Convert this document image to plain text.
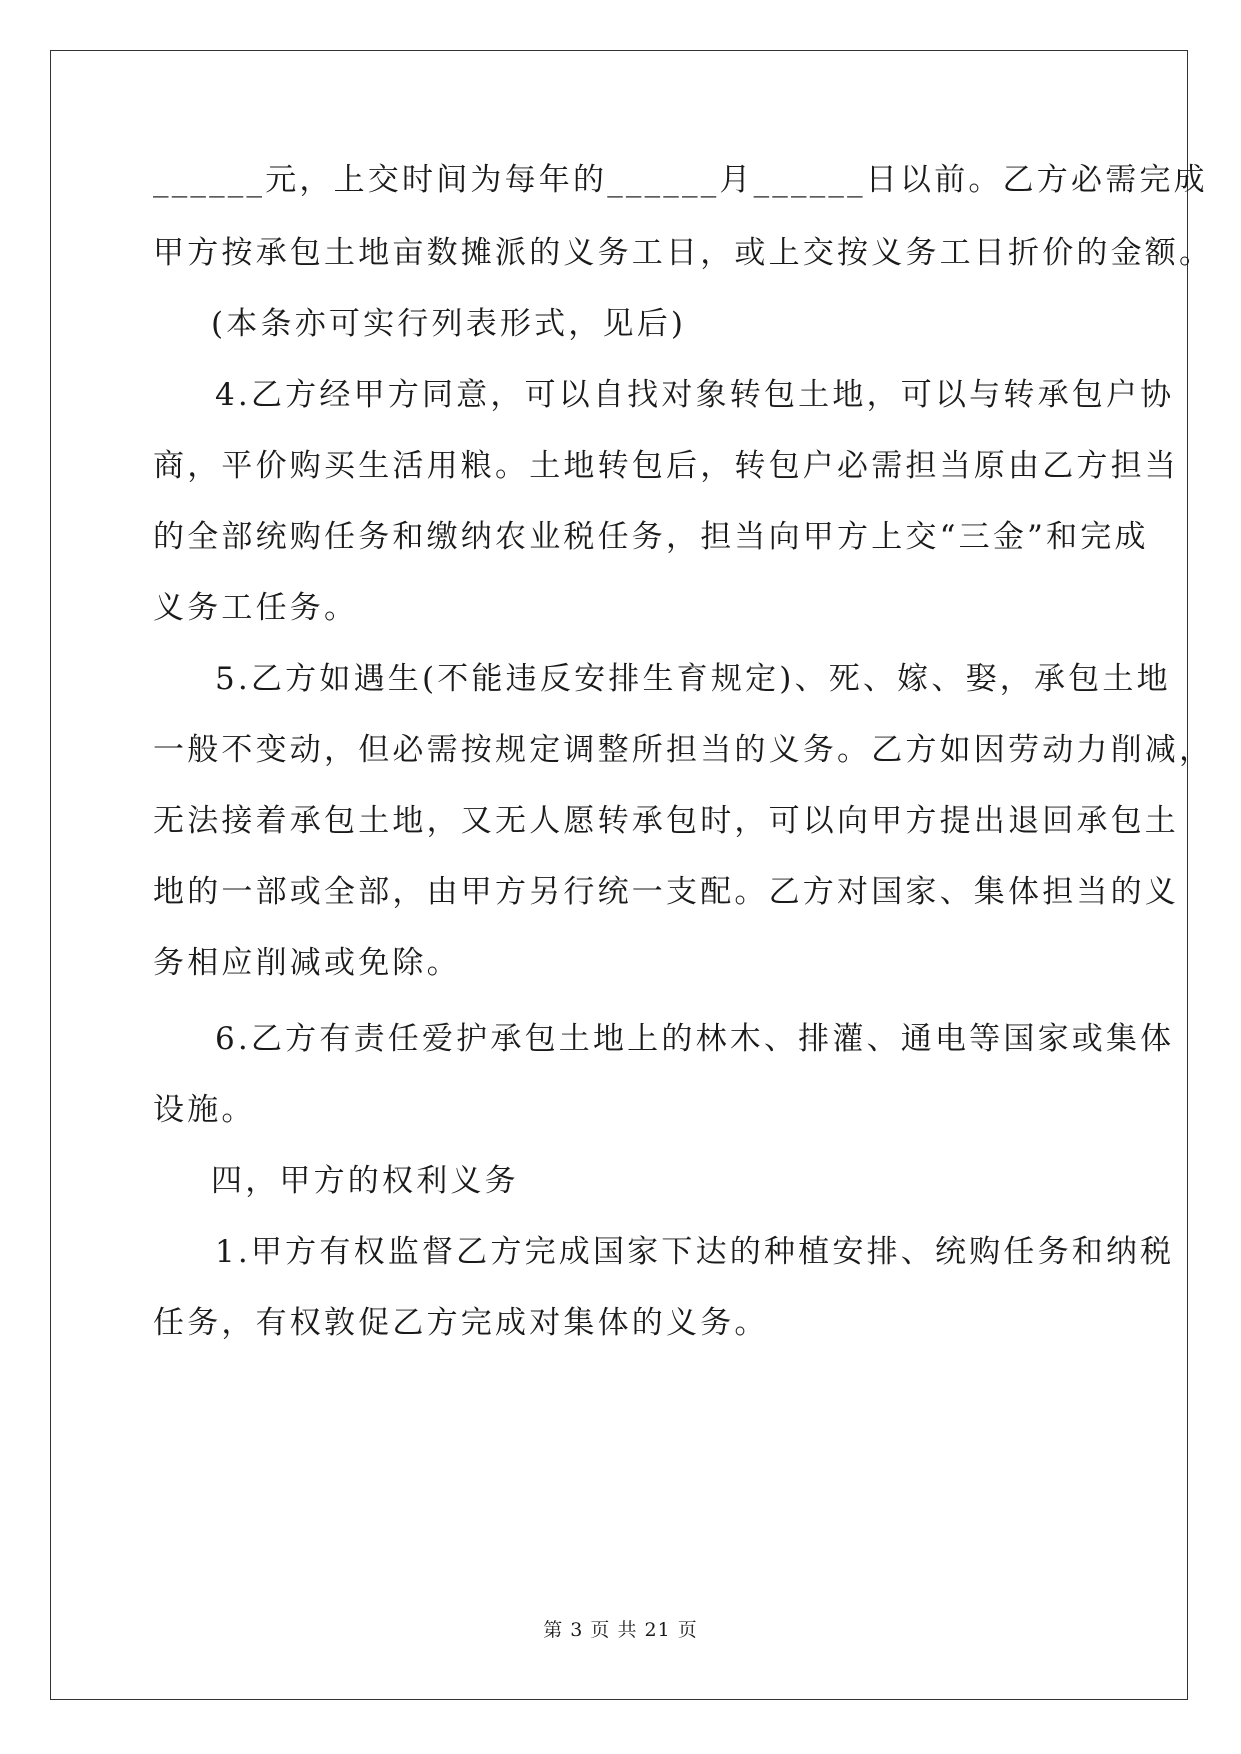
______元，上交时间为每年的______月______日以前。乙方必需完成
甲方按承包土地亩数摊派的义务工日，或上交按义务工日折价的金额。
(本条亦可实行列表形式，见后)
4.乙方经甲方同意，可以自找对象转包土地，可以与转承包户协
商，平价购买生活用粮。土地转包后，转包户必需担当原由乙方担当
的全部统购任务和缴纳农业税任务，担当向甲方上交“三金”和完成
义务工任务。
5.乙方如遇生(不能违反安排生育规定)、死、嫁、娶，承包土地
一般不变动，但必需按规定调整所担当的义务。乙方如因劳动力削减，
无法接着承包土地，又无人愿转承包时，可以向甲方提出退回承包土
地的一部或全部，由甲方另行统一支配。乙方对国家、集体担当的义
务相应削减或免除。
6.乙方有责任爱护承包土地上的林木、排灌、通电等国家或集体
设施。
四，甲方的权利义务
1.甲方有权监督乙方完成国家下达的种植安排、统购任务和纳税
任务，有权敦促乙方完成对集体的义务。
第 3 页 共 21 页
